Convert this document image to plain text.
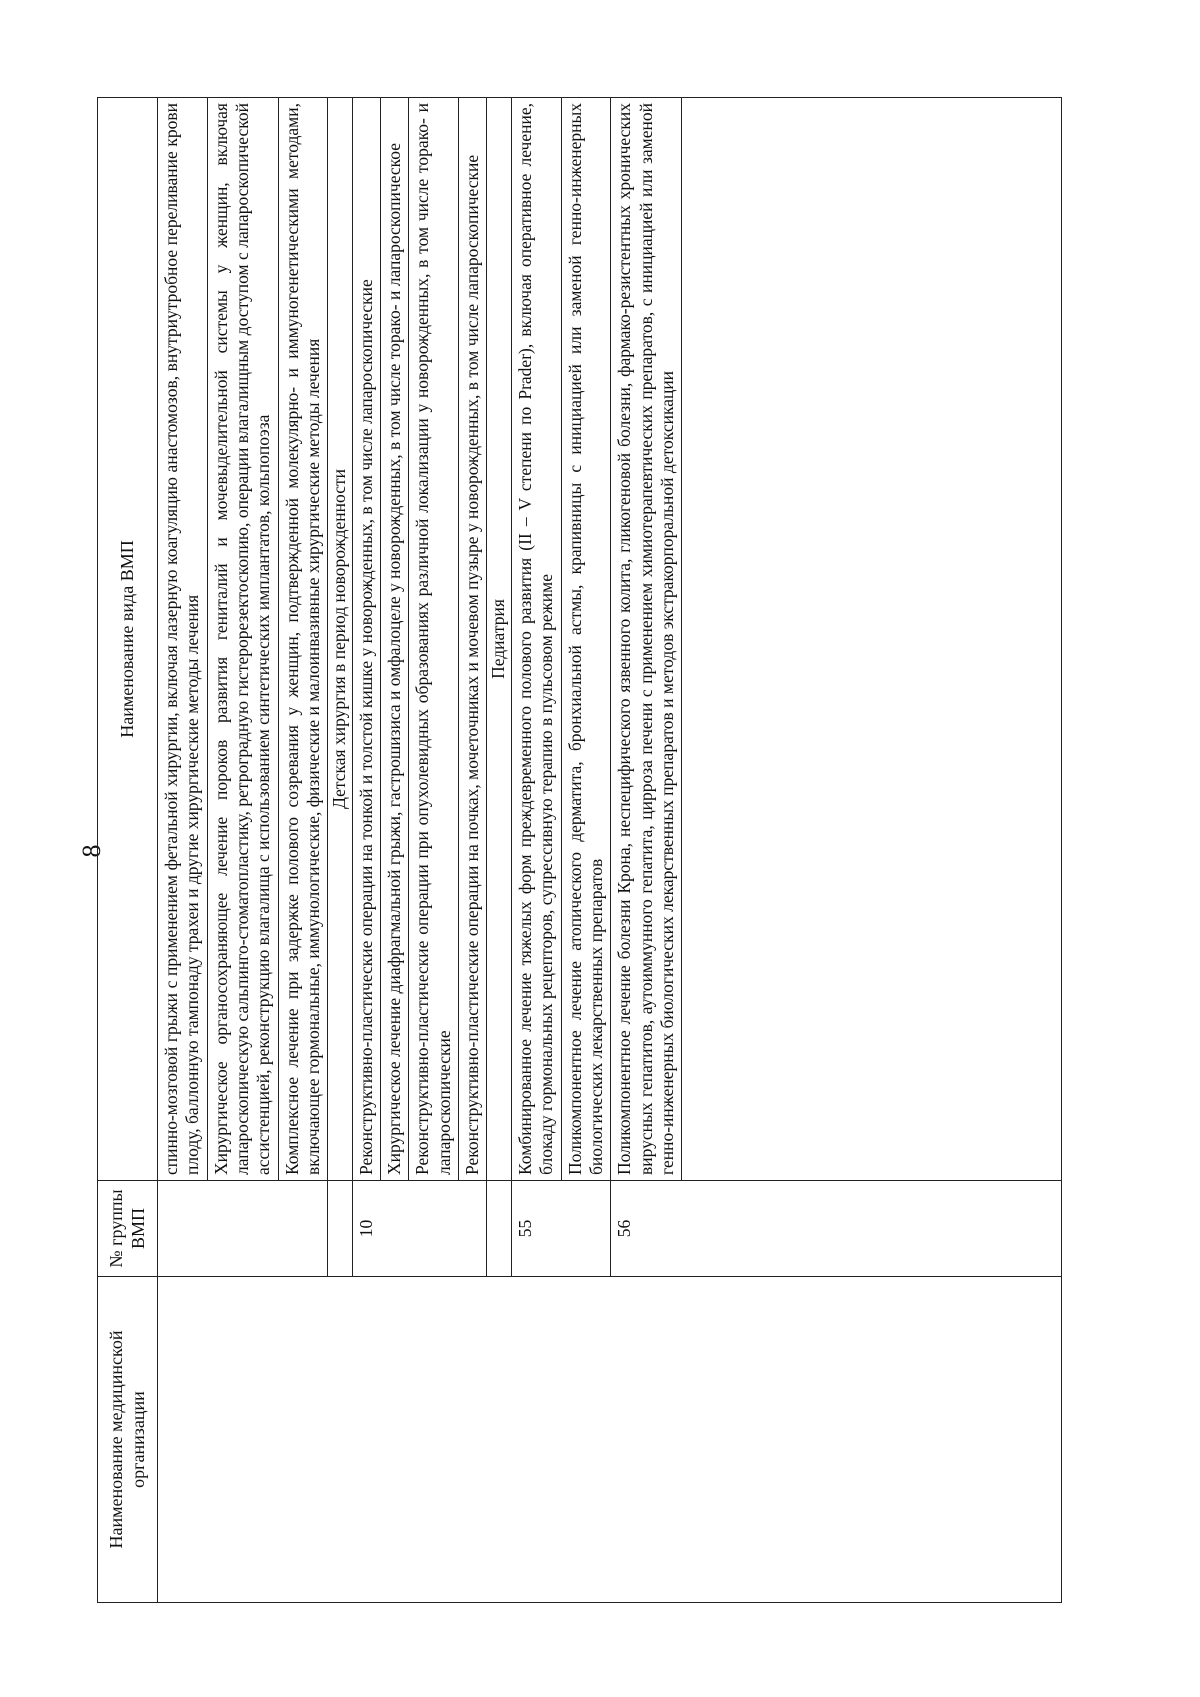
8
Наименование медицинской организации	№ группы ВМП	Наименование вида ВМП
		спинно-мозговой грыжи с применением фетальной хирургии, включая лазерную коагуляцию анастомозов, внутриутробное переливание крови плоду, баллонную тампонаду трахеи и другие хирургические методы лечения
		Хирургическое органосохраняющее лечение пороков развития гениталий и мочевыделительной системы у женщин, включая лапароскопическую сальпинго-стоматопластику, ретроградную гистерорезектоскопию, операции влагалищным доступом с лапароскопической ассистенцией, реконструкцию влагалища с использованием синтетических имплантатов, кольпопоэза
		Комплексное лечение при задержке полового созревания у женщин, подтвержденной молекулярно- и иммуногенетическими методами, включающее гормональные, иммунологические, физические и малоинвазивные хирургические методы лечения
		Детская хирургия в период новорожденности
	10	Реконструктивно-пластические операции на тонкой и толстой кишке у новорожденных, в том числе лапароскопические
		Хирургическое лечение диафрагмальной грыжи, гастрошизиса и омфалоцеле у новорожденных, в том числе торако- и лапароскопическое
		Реконструктивно-пластические операции при опухолевидных образованиях различной локализации у новорожденных, в том числе торако- и лапароскопические
		Реконструктивно-пластические операции на почках, мочеточниках и мочевом пузыре у новорожденных, в том числе лапароскопические
		Педиатрия
	55	Комбинированное лечение тяжелых форм преждевременного полового развития (II – V степени по Prader), включая оперативное лечение, блокаду гормональных рецепторов, супрессивную терапию в пульсовом режиме
		Поликомпонентное лечение атопического дерматита, бронхиальной астмы, крапивницы с инициацией или заменой генно-инженерных биологических лекарственных препаратов
	56	Поликомпонентное лечение болезни Крона, неспецифического язвенного колита, гликогеновой болезни, фармако-резистентных хронических вирусных гепатитов, аутоиммунного гепатита, цирроза печени с применением химиотерапевтических препаратов, с инициацией или заменой генно-инженерных биологических лекарственных препаратов и методов экстракорпоральной детоксикации
